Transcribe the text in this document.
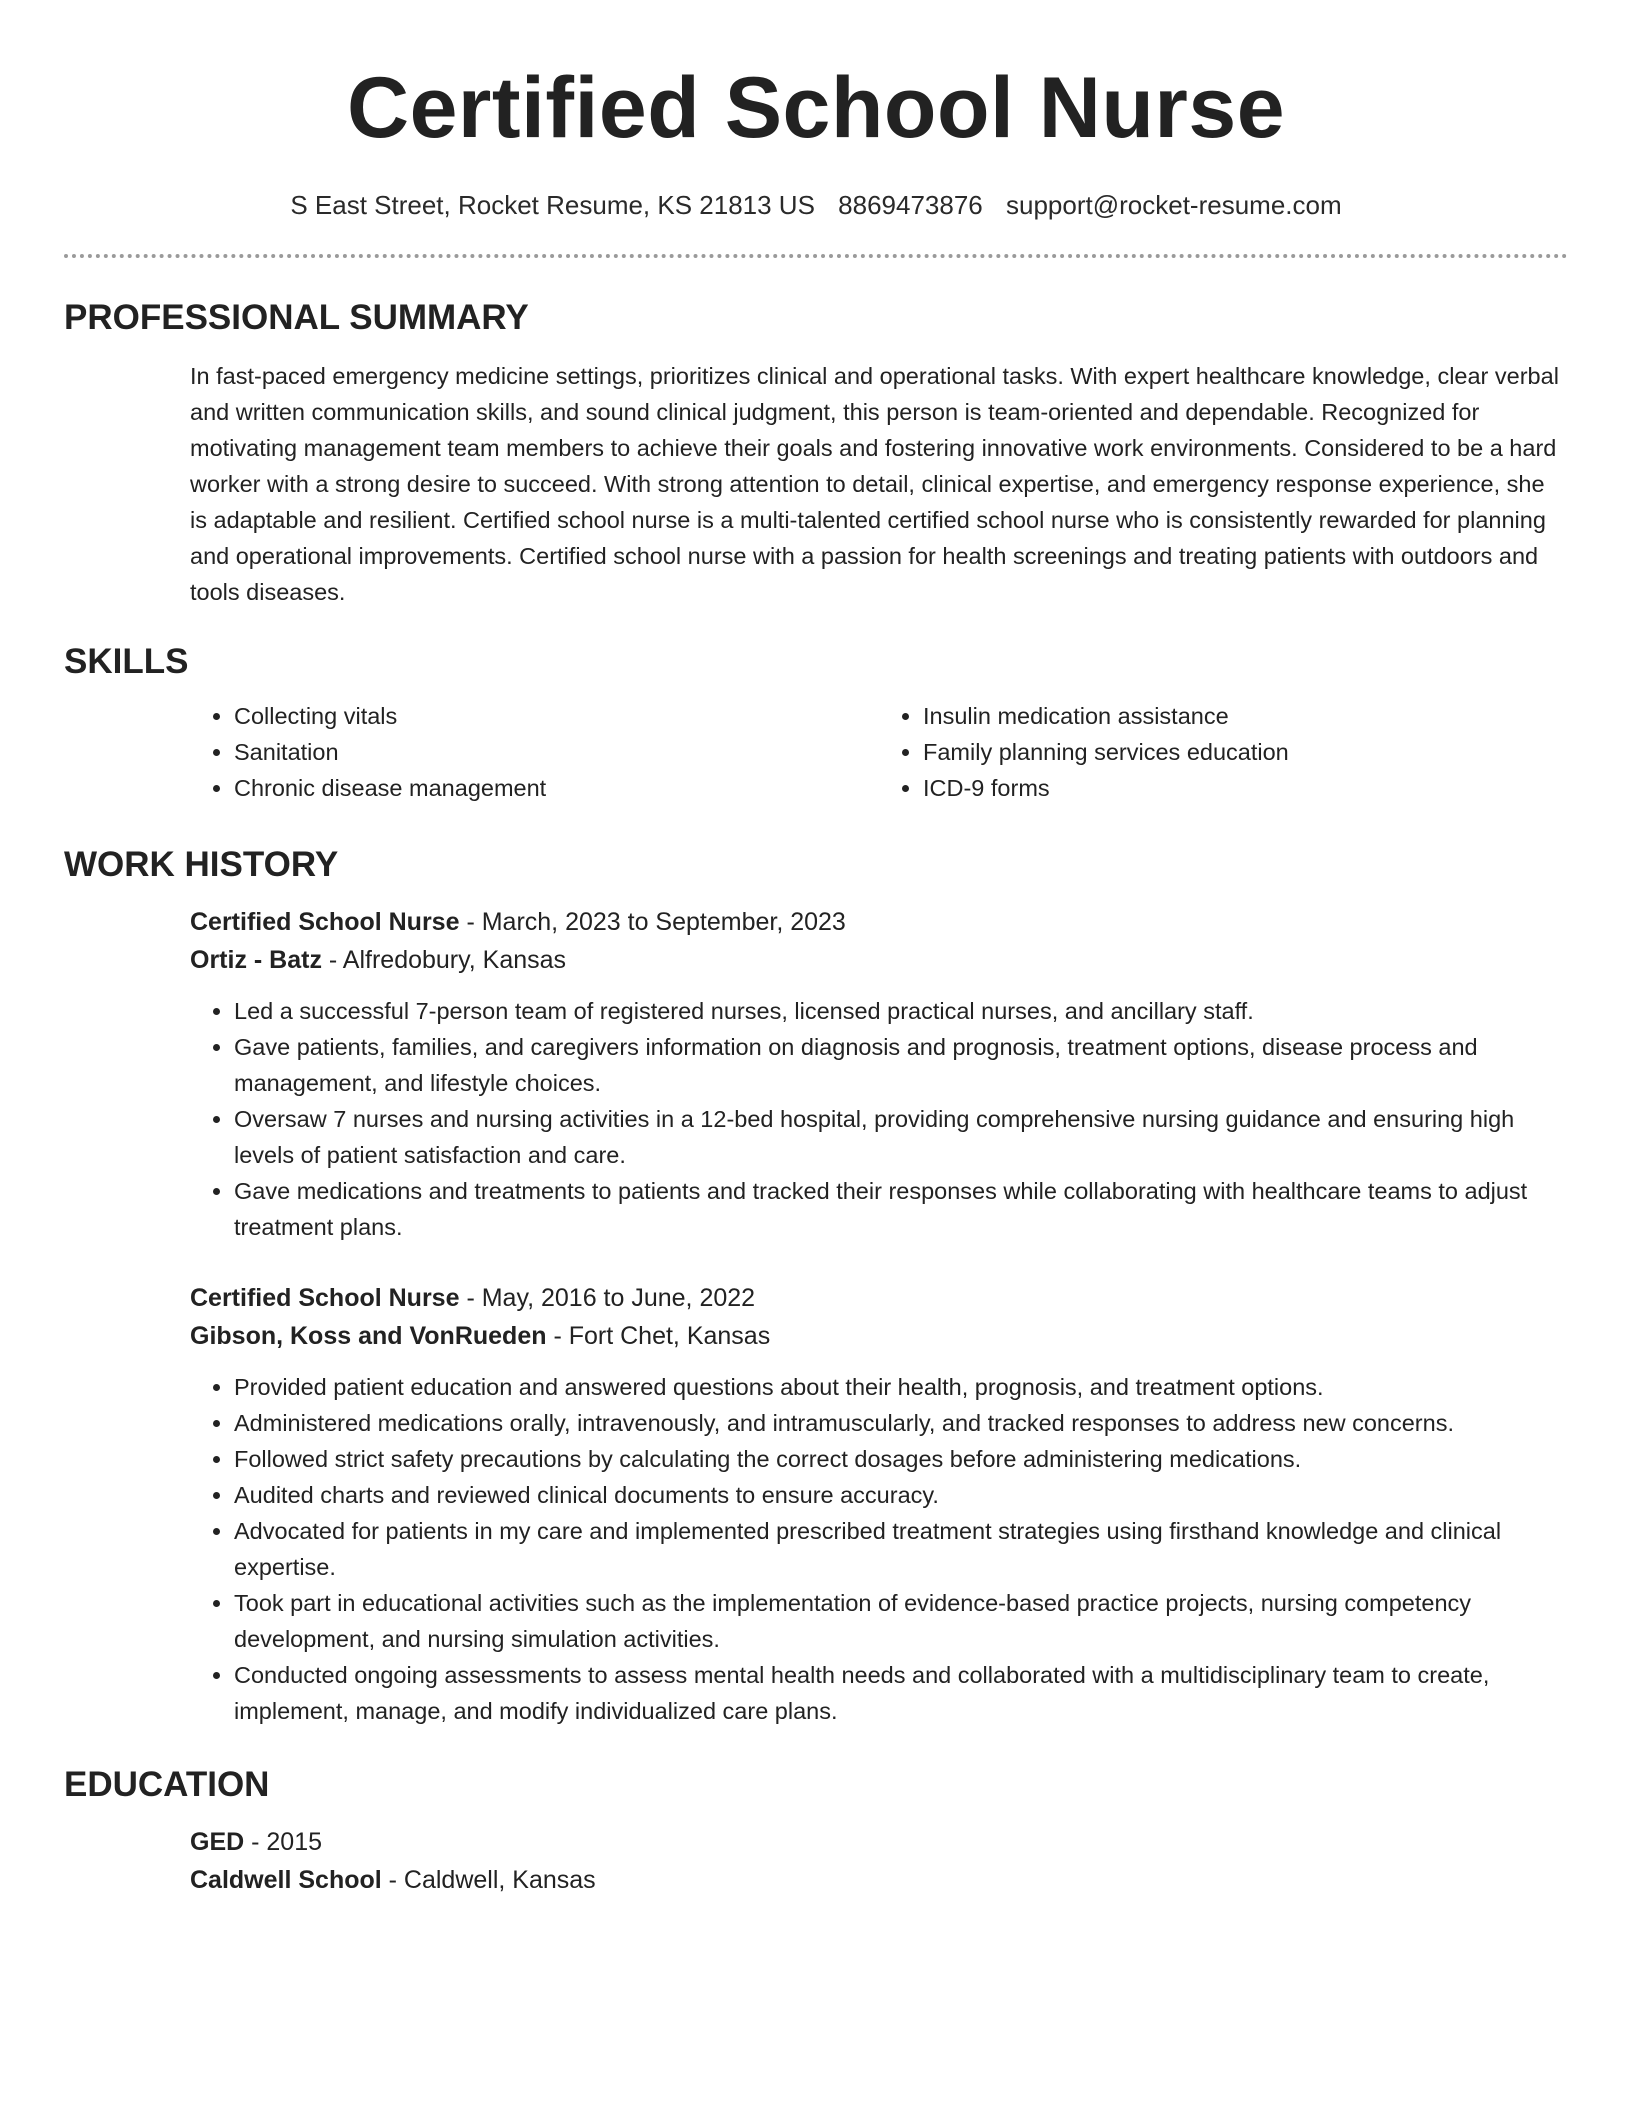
Certified School Nurse
S East Street, Rocket Resume, KS 21813 US 8869473876 support@rocket-resume.com
PROFESSIONAL SUMMARY
In fast-paced emergency medicine settings, prioritizes clinical and operational tasks. With expert healthcare knowledge, clear verbal and written communication skills, and sound clinical judgment, this person is team-oriented and dependable. Recognized for motivating management team members to achieve their goals and fostering innovative work environments. Considered to be a hard worker with a strong desire to succeed. With strong attention to detail, clinical expertise, and emergency response experience, she is adaptable and resilient. Certified school nurse is a multi-talented certified school nurse who is consistently rewarded for planning and operational improvements. Certified school nurse with a passion for health screenings and treating patients with outdoors and tools diseases.
SKILLS
• Collecting vitals
• Sanitation
• Chronic disease management
• Insulin medication assistance
• Family planning services education
• ICD-9 forms
WORK HISTORY
Certified School Nurse - March, 2023 to September, 2023
Ortiz - Batz - Alfredobury, Kansas
• Led a successful 7-person team of registered nurses, licensed practical nurses, and ancillary staff.
• Gave patients, families, and caregivers information on diagnosis and prognosis, treatment options, disease process and management, and lifestyle choices.
• Oversaw 7 nurses and nursing activities in a 12-bed hospital, providing comprehensive nursing guidance and ensuring high levels of patient satisfaction and care.
• Gave medications and treatments to patients and tracked their responses while collaborating with healthcare teams to adjust treatment plans.
Certified School Nurse - May, 2016 to June, 2022
Gibson, Koss and VonRueden - Fort Chet, Kansas
• Provided patient education and answered questions about their health, prognosis, and treatment options.
• Administered medications orally, intravenously, and intramuscularly, and tracked responses to address new concerns.
• Followed strict safety precautions by calculating the correct dosages before administering medications.
• Audited charts and reviewed clinical documents to ensure accuracy.
• Advocated for patients in my care and implemented prescribed treatment strategies using firsthand knowledge and clinical expertise.
• Took part in educational activities such as the implementation of evidence-based practice projects, nursing competency development, and nursing simulation activities.
• Conducted ongoing assessments to assess mental health needs and collaborated with a multidisciplinary team to create, implement, manage, and modify individualized care plans.
EDUCATION
GED - 2015
Caldwell School - Caldwell, Kansas
